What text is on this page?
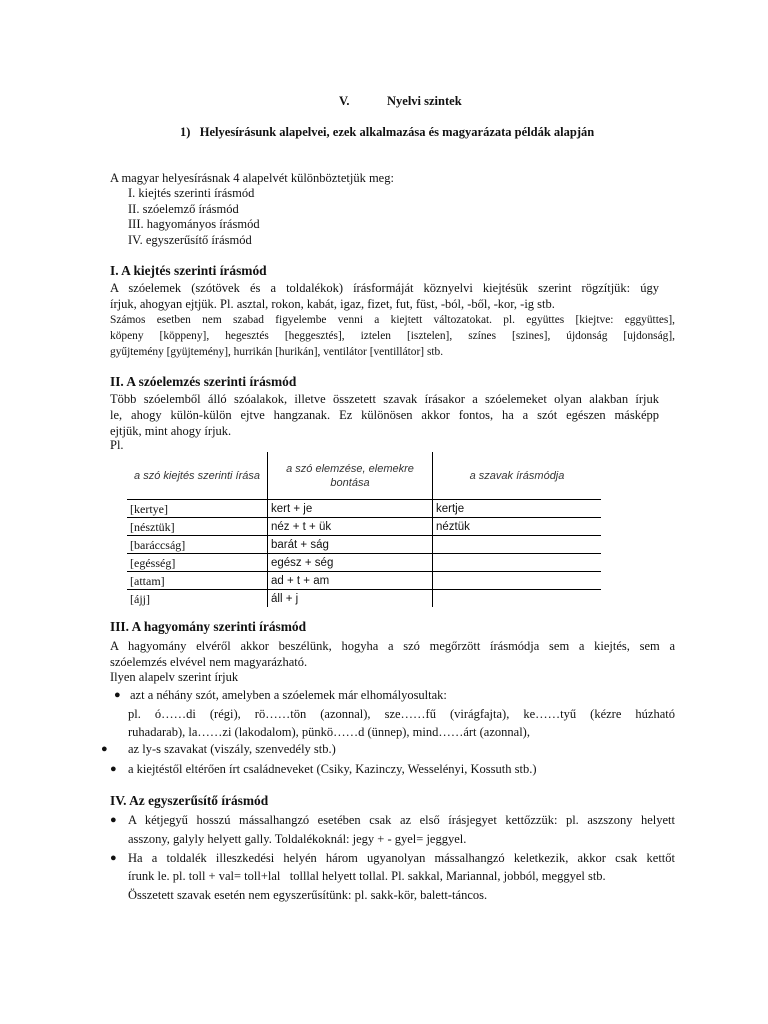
V.	Nyelvi szintek
1)   Helyesírásunk alapelvei, ezek alkalmazása és magyarázata példák alapján
A magyar helyesírásnak 4 alapelvét különböztetjük meg:
I. kiejtés szerinti írásmód
II. szóelemző írásmód
III. hagyományos írásmód
IV. egyszerűsítő írásmód
I. A kiejtés szerinti írásmód
A szóelemek (szótövek és a toldalékok) írásformáját köznyelvi kiejtésük szerint rögzítjük: úgy
írjuk, ahogyan ejtjük. Pl. asztal, rokon, kabát, igaz, fizet, fut, füst, -ból, -ből, -kor, -ig stb.
Számos esetben nem szabad figyelembe venni a kiejtett változatokat. pl. együttes [kiejtve: eggyüttes],
köpeny [köppeny], hegesztés [heggesztés], iztelen [isztelen], színes [szines], újdonság [ujdonság],
gyűjtemény [gyüjtemény], hurrikán [hurikán], ventilátor [ventillátor] stb.
II. A szóelemzés szerinti írásmód
Több szóelemből álló szóalakok, illetve összetett szavak írásakor a szóelemeket olyan alakban írjuk
le, ahogy külön-külön ejtve hangzanak. Ez különösen akkor fontos, ha a szót egészen másképp
ejtjük, mint ahogy írjuk.
Pl.
a szó kiejtés szerinti írása	a szó elemzése, elemekre bontása	a szavak írásmódja
[kertye]	kert + je	kertje
[nésztük]	néz + t + ük	néztük
[baráccság]	barát + ság	
[egésség]	egész + ség	
[attam]	ad + t + am	
[ájj]	áll + j	
III. A hagyomány szerinti írásmód
A hagyomány elvéről akkor beszélünk, hogyha a szó megőrzött írásmódja sem a kiejtés, sem a
szóelemzés elvével nem magyarázható.
Ilyen alapelv szerint írjuk
● azt a néhány szót, amelyben a szóelemek már elhomályosultak:
pl. ó……di (régi), rö……tön (azonnal), sze……fű (virágfajta), ke……tyű (kézre húzható
ruhadarab), la……zi (lakodalom), pünkö……d (ünnep), mind……árt (azonnal),
● az ly-s szavakat (viszály, szenvedély stb.)
● a kiejtéstől eltérően írt családneveket (Csiky, Kazinczy, Wesselényi, Kossuth stb.)
IV. Az egyszerűsítő írásmód
● A kétjegyű hosszú mássalhangzó esetében csak az első írásjegyet kettőzzük: pl. aszszony helyett
asszony, galyly helyett gally. Toldalékoknál: jegy + - gyel= jeggyel.
● Ha a toldalék illeszkedési helyén három ugyanolyan mássalhangzó keletkezik, akkor csak kettőt
írunk le. pl. toll + val= toll+lal   tolllal helyett tollal. Pl. sakkal, Mariannal, jobból, meggyel stb.
Összetett szavak esetén nem egyszerűsítünk: pl. sakk-kör, balett-táncos.
